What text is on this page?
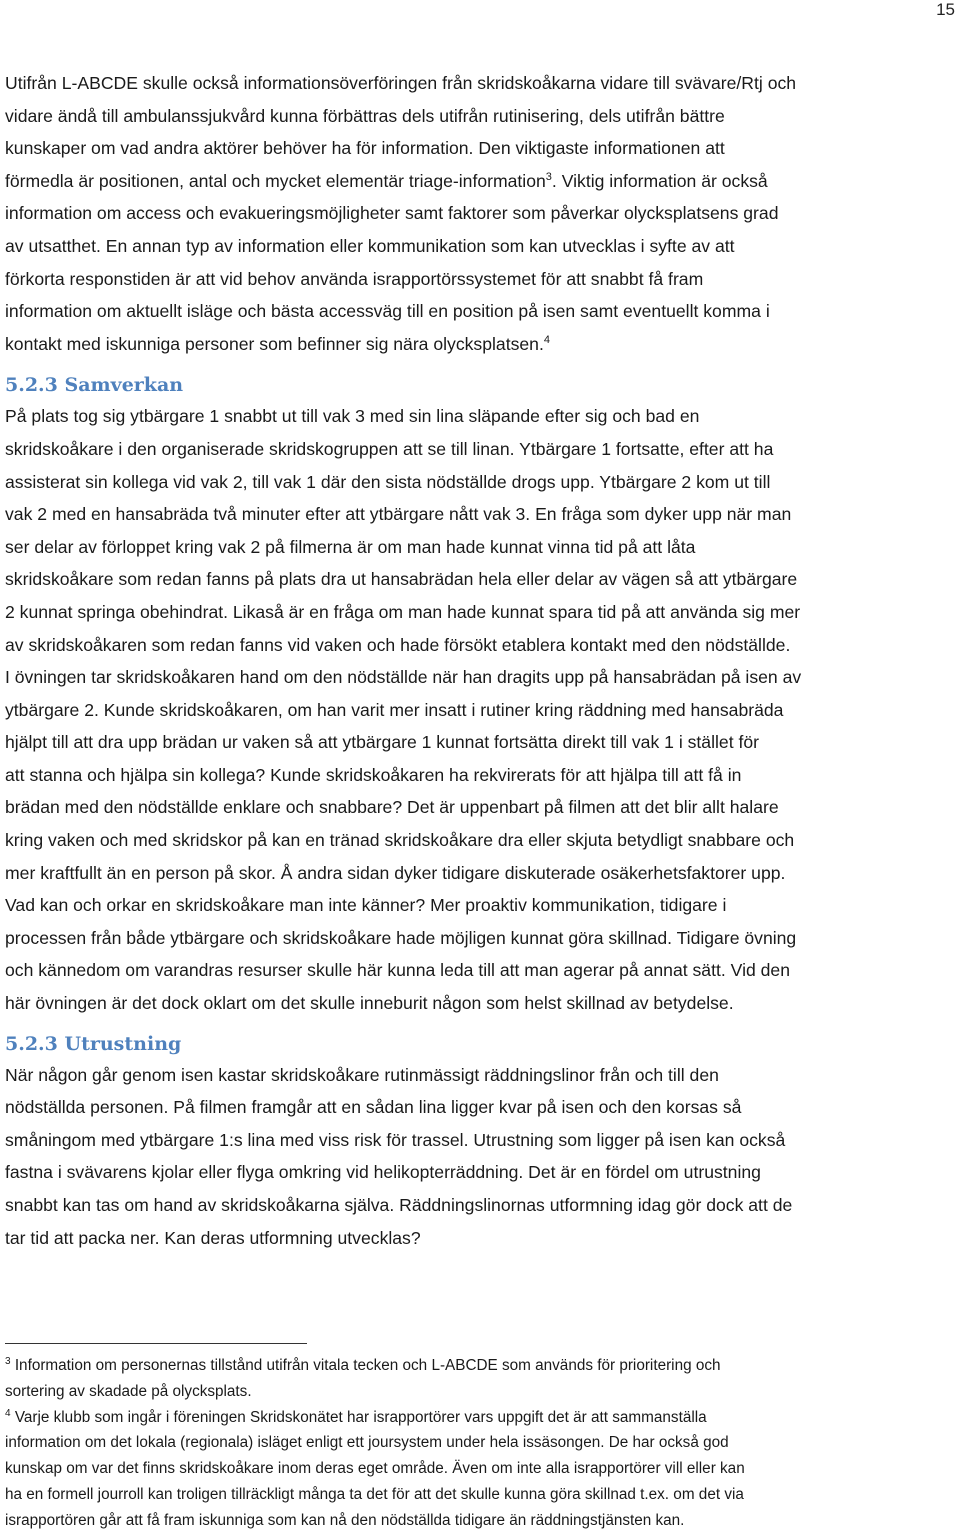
15
Utifrån L-ABCDE skulle också informationsöverföringen från skridskoåkarna vidare till svävare/Rtj och
vidare ändå till ambulanssjukvård kunna förbättras dels utifrån rutinisering, dels utifrån bättre
kunskaper om vad andra aktörer behöver ha för information. Den viktigaste informationen att
förmedla är positionen, antal och mycket elementär triage-information$^3$. Viktig information är också
information om access och evakueringsmöjligheter samt faktorer som påverkar olycksplatsens grad
av utsatthet. En annan typ av information eller kommunikation som kan utvecklas i syfte av att
förkorta responstiden är att vid behov använda israpportörssystemet för att snabbt få fram
information om aktuellt isläge och bästa accessväg till en position på isen samt eventuellt komma i
kontakt med iskunniga personer som befinner sig nära olycksplatsen.$^4$
5.2.3 Samverkan
På plats tog sig ytbärgare 1 snabbt ut till vak 3 med sin lina släpande efter sig och bad en
skridskoåkare i den organiserade skridskogruppen att se till linan. Ytbärgare 1 fortsatte, efter att ha
assisterat sin kollega vid vak 2, till vak 1 där den sista nödställde drogs upp. Ytbärgare 2 kom ut till
vak 2 med en hansabräda två minuter efter att ytbärgare nått vak 3. En fråga som dyker upp när man
ser delar av förloppet kring vak 2 på filmerna är om man hade kunnat vinna tid på att låta
skridskoåkare som redan fanns på plats dra ut hansabrädan hela eller delar av vägen så att ytbärgare
2 kunnat springa obehindrat. Likaså är en fråga om man hade kunnat spara tid på att använda sig mer
av skridskoåkaren som redan fanns vid vaken och hade försökt etablera kontakt med den nödställde.
I övningen tar skridskoåkaren hand om den nödställde när han dragits upp på hansabrädan på isen av
ytbärgare 2. Kunde skridskoåkaren, om han varit mer insatt i rutiner kring räddning med hansabräda
hjälpt till att dra upp brädan ur vaken så att ytbärgare 1 kunnat fortsätta direkt till vak 1 i stället för
att stanna och hjälpa sin kollega? Kunde skridskoåkaren ha rekvirerats för att hjälpa till att få in
brädan med den nödställde enklare och snabbare? Det är uppenbart på filmen att det blir allt halare
kring vaken och med skridskor på kan en tränad skridskoåkare dra eller skjuta betydligt snabbare och
mer kraftfullt än en person på skor. Å andra sidan dyker tidigare diskuterade osäkerhetsfaktorer upp.
Vad kan och orkar en skridskoåkare man inte känner? Mer proaktiv kommunikation, tidigare i
processen från både ytbärgare och skridskoåkare hade möjligen kunnat göra skillnad. Tidigare övning
och kännedom om varandras resurser skulle här kunna leda till att man agerar på annat sätt. Vid den
här övningen är det dock oklart om det skulle inneburit någon som helst skillnad av betydelse.
5.2.3 Utrustning
När någon går genom isen kastar skridskoåkare rutinmässigt räddningslinor från och till den
nödställda personen. På filmen framgår att en sådan lina ligger kvar på isen och den korsas så
småningom med ytbärgare 1:s lina med viss risk för trassel. Utrustning som ligger på isen kan också
fastna i svävarens kjolar eller flyga omkring vid helikopterräddning. Det är en fördel om utrustning
snabbt kan tas om hand av skridskoåkarna själva. Räddningslinornas utformning idag gör dock att de
tar tid att packa ner. Kan deras utformning utvecklas?
$^3$ Information om personernas tillstånd utifrån vitala tecken och L-ABCDE som används för prioritering och
sortering av skadade på olycksplats.
$^4$ Varje klubb som ingår i föreningen Skridskonätet har israpportörer vars uppgift det är att sammanställa
information om det lokala (regionala) isläget enligt ett joursystem under hela issäsongen. De har också god
kunskap om var det finns skridskoåkare inom deras eget område. Även om inte alla israpportörer vill eller kan
ha en formell jourroll kan troligen tillräckligt många ta det för att det skulle kunna göra skillnad t.ex. om det via
israpportören går att få fram iskunniga som kan nå den nödställda tidigare än räddningstjänsten kan.
